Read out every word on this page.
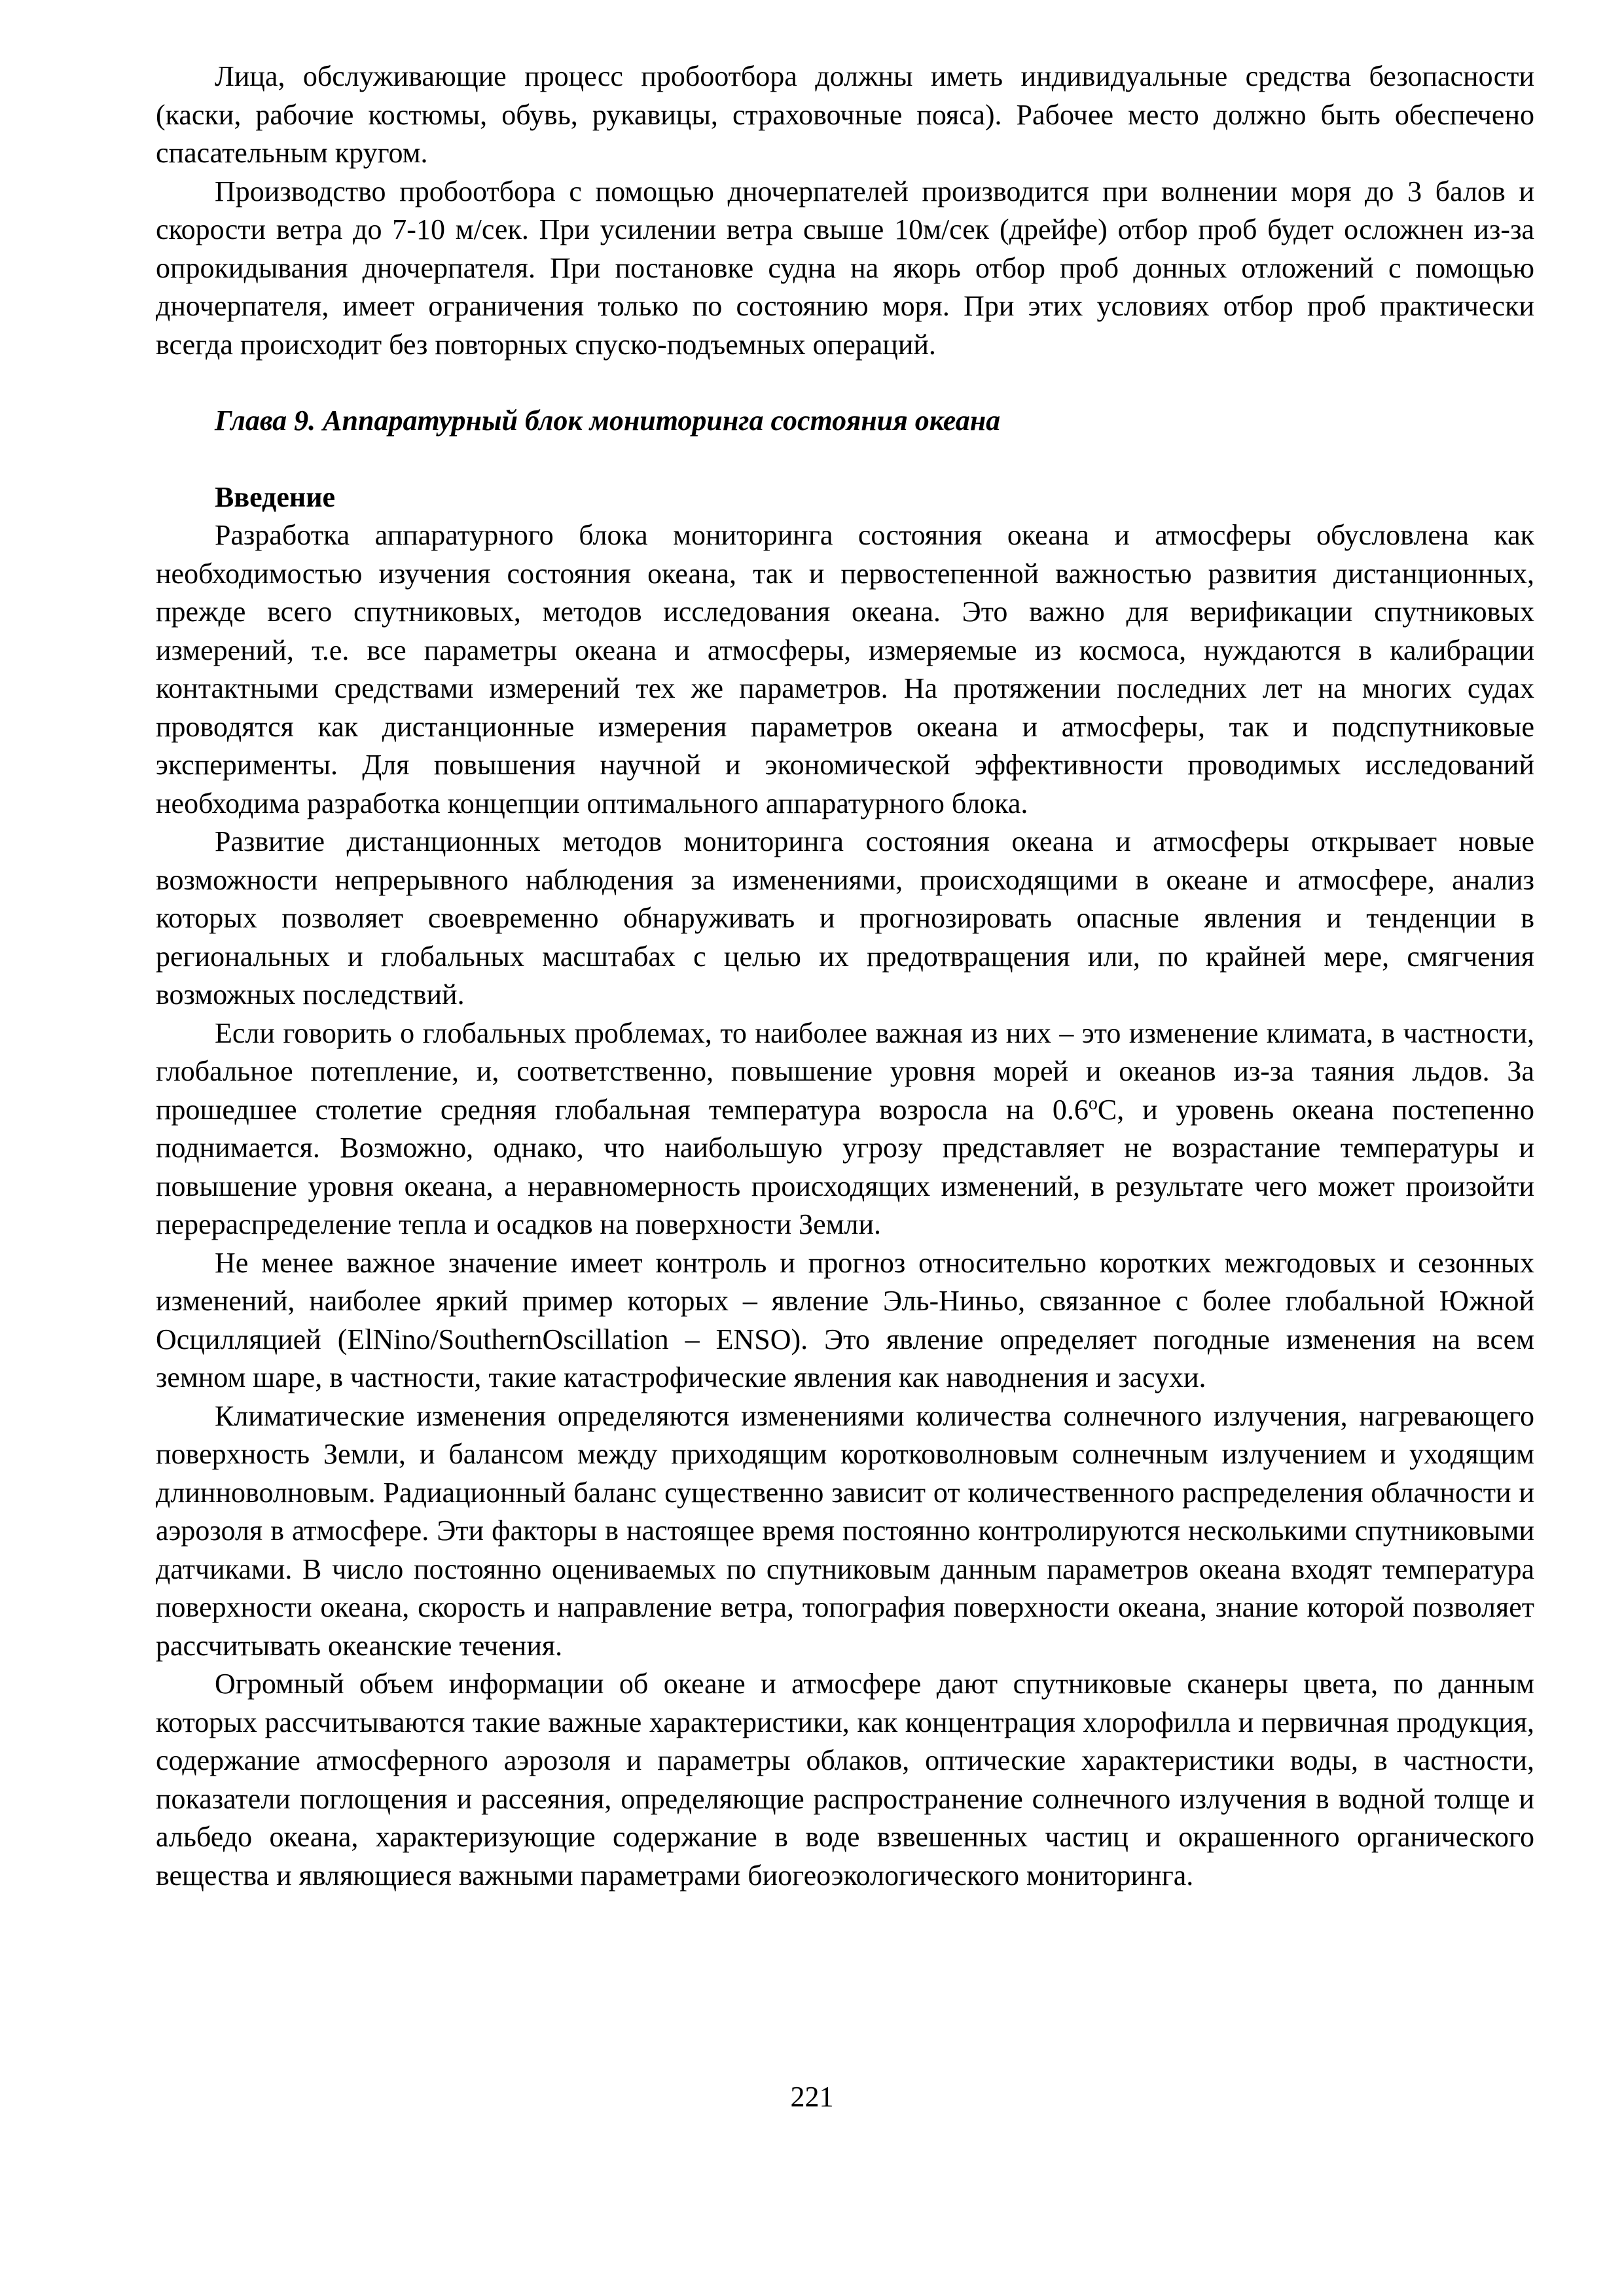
Лица, обслуживающие процесс пробоотбора должны иметь индивидуальные средства безопасности (каски, рабочие костюмы, обувь, рукавицы, страховочные пояса). Рабочее место должно быть обеспечено спасательным кругом.

Производство пробоотбора с помощью дночерпателей производится при волнении моря до 3 балов и скорости ветра до 7-10 м/сек. При усилении ветра свыше 10м/сек (дрейфе) отбор проб будет осложнен из-за опрокидывания дночерпателя. При постановке судна на якорь отбор проб донных отложений с помощью дночерпателя, имеет ограничения только по состоянию моря. При этих условиях отбор проб практически всегда происходит без повторных спуско-подъемных операций.

Глава 9. Аппаратурный блок мониторинга состояния океана
Введение

Разработка аппаратурного блока мониторинга состояния океана и атмосферы обусловлена как необходимостью изучения состояния океана, так и первостепенной важностью развития дистанционных, прежде всего спутниковых, методов исследования океана. Это важно для верификации спутниковых измерений, т.е. все параметры океана и атмосферы, измеряемые из космоса, нуждаются в калибрации контактными средствами измерений тех же параметров. На протяжении последних лет на многих судах проводятся как дистанционные измерения параметров океана и атмосферы, так и подспутниковые эксперименты. Для повышения научной и экономической эффективности проводимых исследований необходима разработка концепции оптимального аппаратурного блока.

Развитие дистанционных методов мониторинга состояния океана и атмосферы открывает новые возможности непрерывного наблюдения за изменениями, происходящими в океане и атмосфере, анализ которых позволяет своевременно обнаруживать и прогнозировать опасные явления и тенденции в региональных и глобальных масштабах с целью их предотвращения или, по крайней мере, смягчения возможных последствий.

Если говорить о глобальных проблемах, то наиболее важная из них – это изменение климата, в частности, глобальное потепление, и, соответственно, повышение уровня морей и океанов из-за таяния льдов. За прошедшее столетие средняя глобальная температура возросла на 0.6$^o$С, и уровень океана постепенно поднимается. Возможно, однако, что наибольшую угрозу представляет не возрастание температуры и повышение уровня океана, а неравномерность происходящих изменений, в результате чего может произойти перераспределение тепла и осадков на поверхности Земли.

Не менее важное значение имеет контроль и прогноз относительно коротких межгодовых и сезонных изменений, наиболее яркий пример которых – явление Эль-Ниньо, связанное с более глобальной Южной Осцилляцией (ElNino/SouthernOscillation – ENSO). Это явление определяет погодные изменения на всем земном шаре, в частности, такие катастрофические явления как наводнения и засухи.

Климатические изменения определяются изменениями количества солнечного излучения, нагревающего поверхность Земли, и балансом между приходящим коротковолновым солнечным излучением и уходящим длинноволновым. Радиационный баланс существенно зависит от количественного распределения облачности и аэрозоля в атмосфере. Эти факторы в настоящее время постоянно контролируются несколькими спутниковыми датчиками. В число постоянно оцениваемых по спутниковым данным параметров океана входят температура поверхности океана, скорость и направление ветра, топография поверхности океана, знание которой позволяет рассчитывать океанские течения.

Огромный объем информации об океане и атмосфере дают спутниковые сканеры цвета, по данным которых рассчитываются такие важные характеристики, как концентрация хлорофилла и первичная продукция, содержание атмосферного аэрозоля и параметры облаков, оптические характеристики воды, в частности, показатели поглощения и рассеяния, определяющие распространение солнечного излучения в водной толще и альбедо океана, характеризующие содержание в воде взвешенных частиц и окрашенного органического вещества и являющиеся важными параметрами биогеоэкологического мониторинга.

221
